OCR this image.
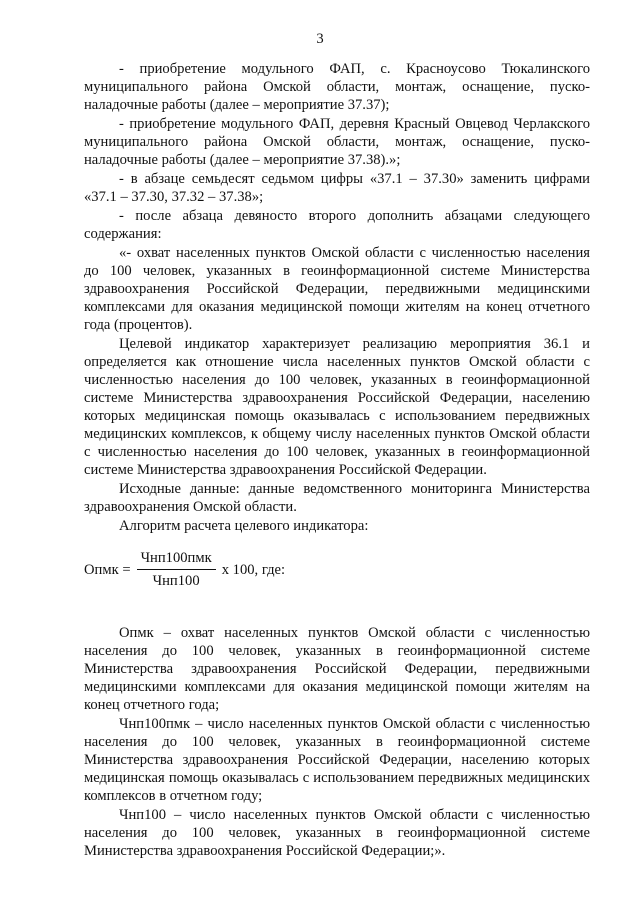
3

- приобретение модульного ФАП, с. Красноусово Тюкалинского муниципального района Омской области, монтаж, оснащение, пуско-наладочные работы (далее – мероприятие 37.37);

- приобретение модульного ФАП, деревня Красный Овцевод Черлакского муниципального района Омской области, монтаж, оснащение, пуско-наладочные работы (далее – мероприятие 37.38).»;

- в абзаце семьдесят седьмом цифры «37.1 – 37.30» заменить цифрами «37.1 – 37.30, 37.32 – 37.38»;

- после абзаца девяносто второго дополнить абзацами следующего содержания:

«- охват населенных пунктов Омской области с численностью населения до 100 человек, указанных в геоинформационной системе Министерства здравоохранения Российской Федерации, передвижными медицинскими комплексами для оказания медицинской помощи жителям на конец отчетного года (процентов).

Целевой индикатор характеризует реализацию мероприятия 36.1 и определяется как отношение числа населенных пунктов Омской области с численностью населения до 100 человек, указанных в геоинформационной системе Министерства здравоохранения Российской Федерации, населению которых медицинская помощь оказывалась с использованием передвижных медицинских комплексов, к общему числу населенных пунктов Омской области с численностью населения до 100 человек, указанных в геоинформационной системе Министерства здравоохранения Российской Федерации.

Исходные данные: данные ведомственного мониторинга Министерства здравоохранения Омской области.

Алгоритм расчета целевого индикатора:

Опмк = $\frac{\text{Чнп100пмк}}{\text{Чнп100}}$ x 100, где:

Опмк – охват населенных пунктов Омской области с численностью населения до 100 человек, указанных в геоинформационной системе Министерства здравоохранения Российской Федерации, передвижными медицинскими комплексами для оказания медицинской помощи жителям на конец отчетного года;

Чнп100пмк – число населенных пунктов Омской области с численностью населения до 100 человек, указанных в геоинформационной системе Министерства здравоохранения Российской Федерации, населению которых медицинская помощь оказывалась с использованием передвижных медицинских комплексов в отчетном году;

Чнп100 – число населенных пунктов Омской области с численностью населения до 100 человек, указанных в геоинформационной системе Министерства здравоохранения Российской Федерации;».
